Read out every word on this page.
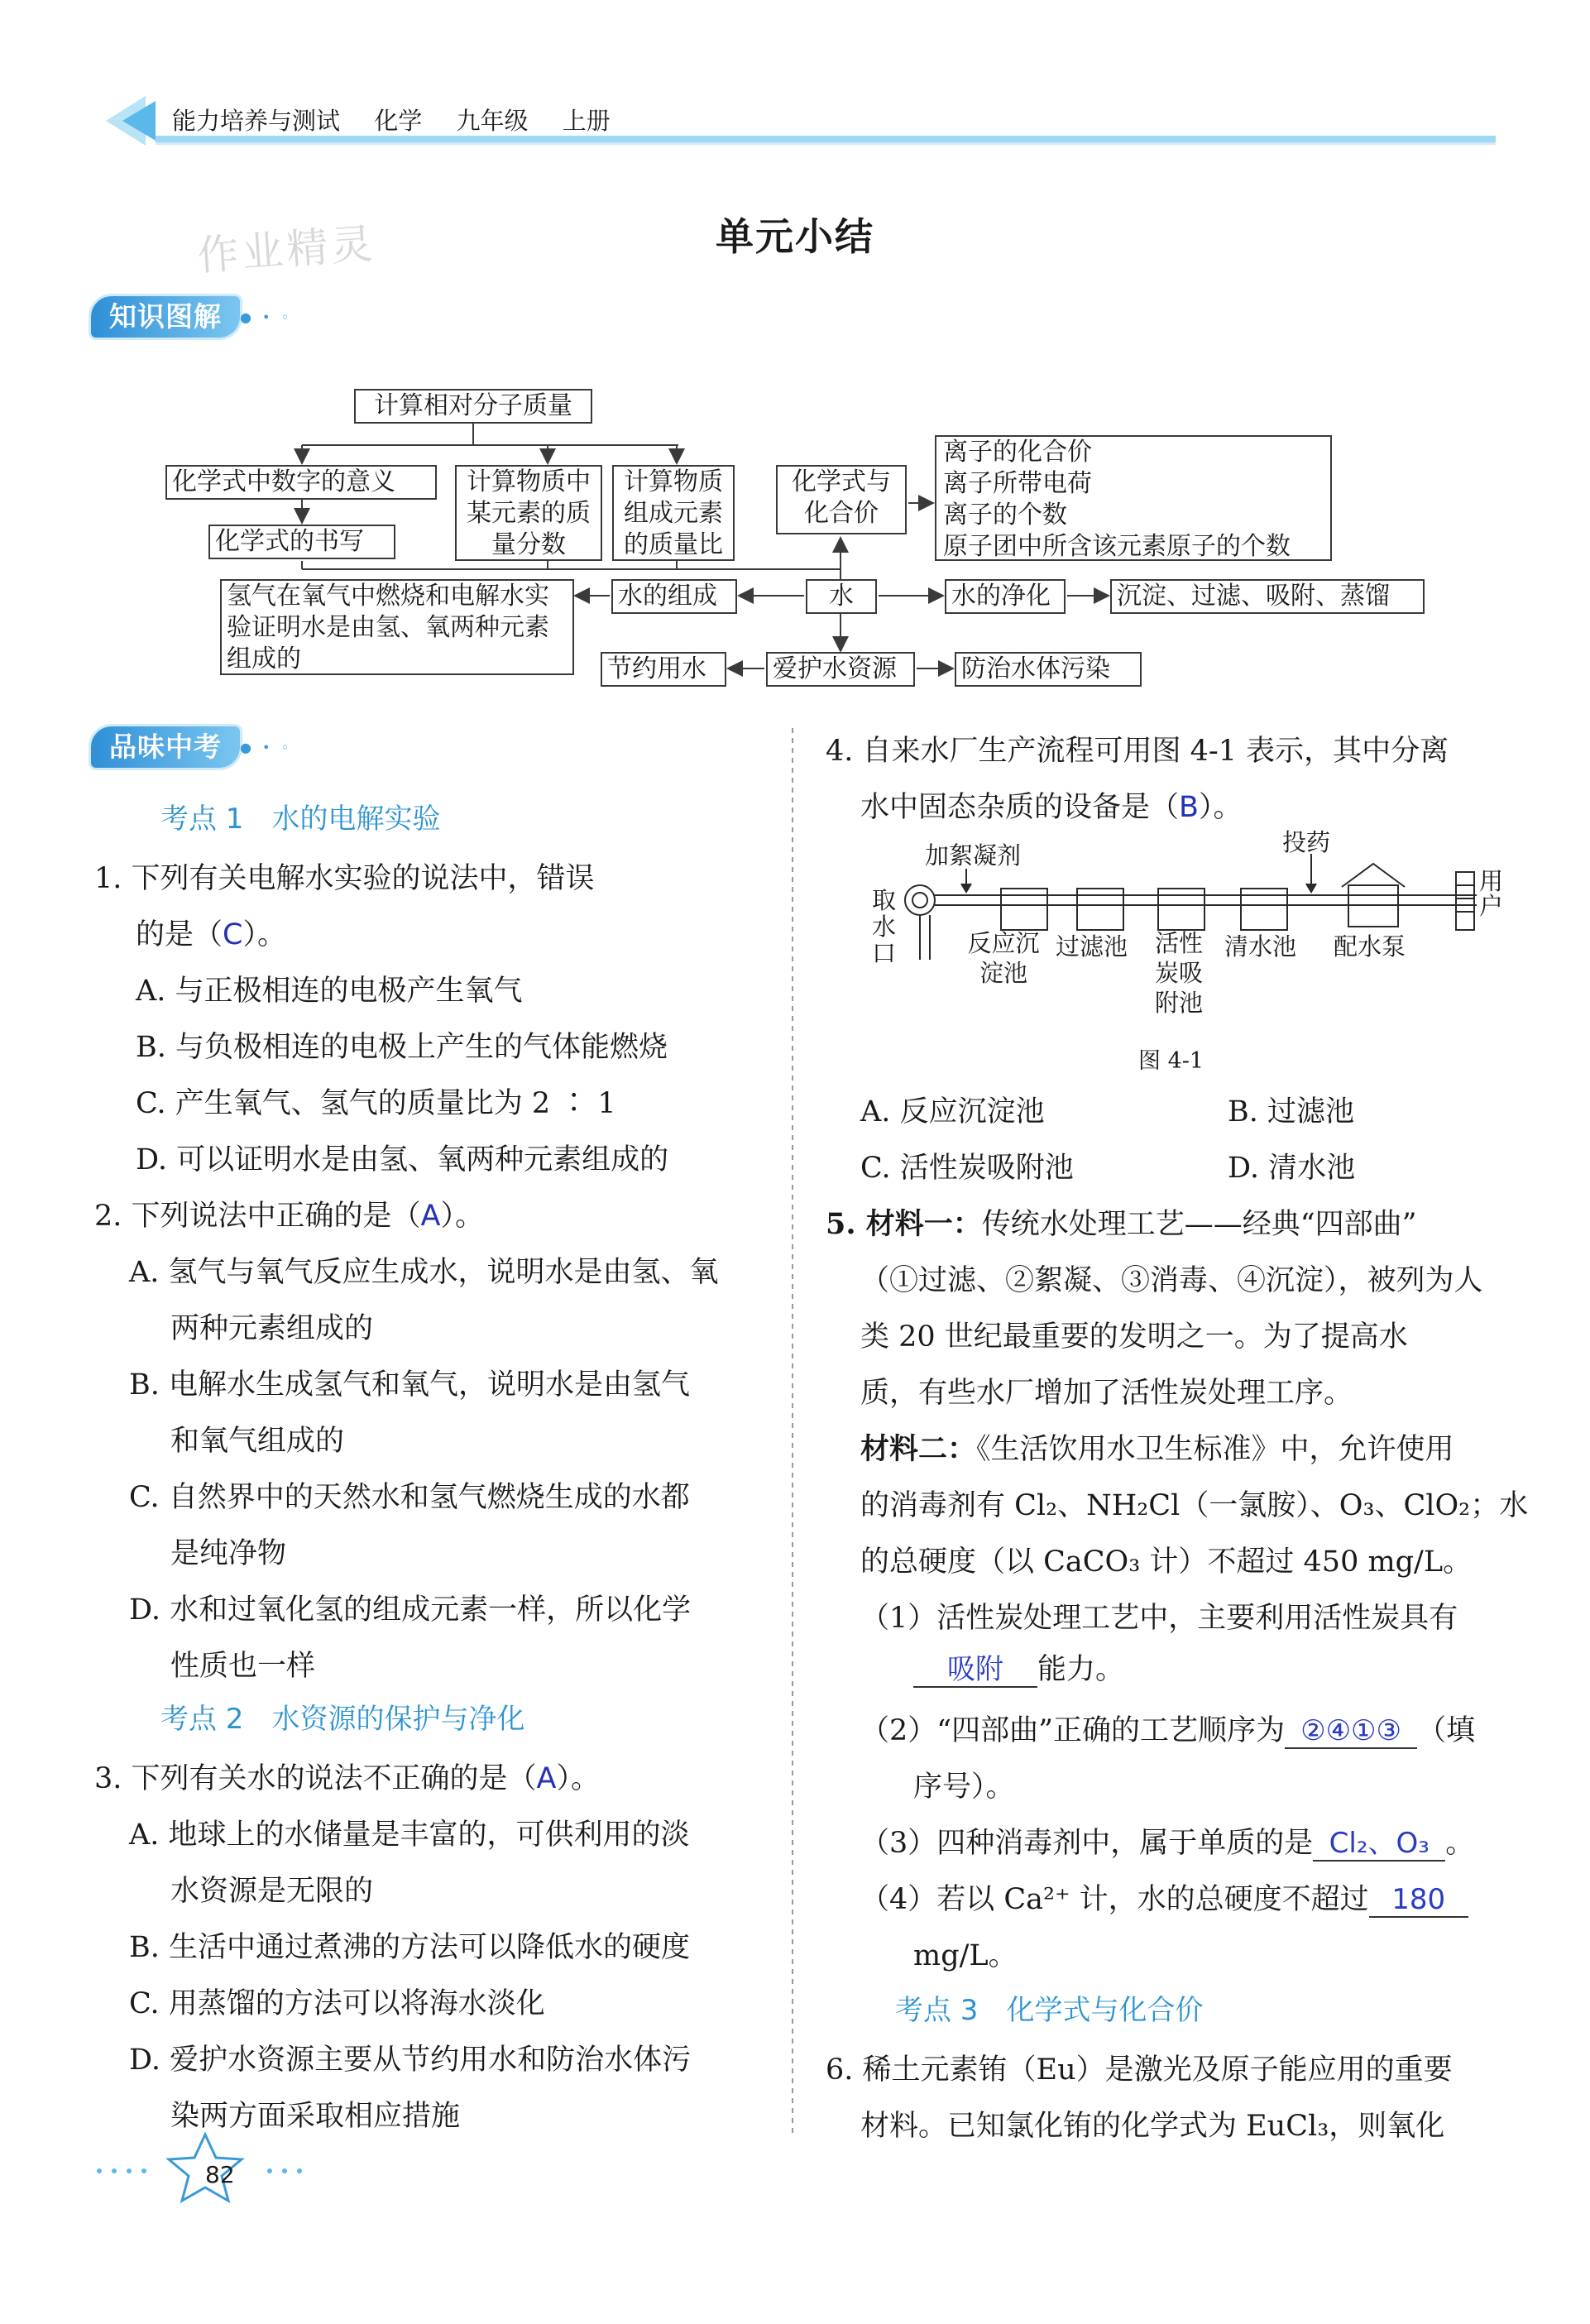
能力培养与测试 化学 九年级 上册
作业精灵	单元小结
知识图解	● • ◦
计算相对分子质量
化学式中数字的意义
化学式的书写
计算物质中某元素的质量分数
计算物质组成元素的质量比
化学式与化合价
离子的化合价
离子所带电荷
离子的个数
原子团中所含该元素原子的个数
氢气在氧气中燃烧和电解水实验证明水是由氢、氧两种元素组成的
水的组成	水	水的净化	沉淀、过滤、吸附、蒸馏
节约用水	爱护水资源	防治水体污染
品味中考	● • ◦
考点 1　水的电解实验
1. 下列有关电解水实验的说法中，错误
的是（C）。
A. 与正极相连的电极产生氧气
B. 与负极相连的电极上产生的气体能燃烧
C. 产生氧气、氢气的质量比为 2 ∶ 1
D. 可以证明水是由氢、氧两种元素组成的
2. 下列说法中正确的是（A）。
A. 氢气与氧气反应生成水，说明水是由氢、氧
两种元素组成的
B. 电解水生成氢气和氧气，说明水是由氢气
和氧气组成的
C. 自然界中的天然水和氢气燃烧生成的水都
是纯净物
D. 水和过氧化氢的组成元素一样，所以化学
性质也一样
考点 2　水资源的保护与净化
3. 下列有关水的说法不正确的是（A）。
A. 地球上的水储量是丰富的，可供利用的淡
水资源是无限的
B. 生活中通过煮沸的方法可以降低水的硬度
C. 用蒸馏的方法可以将海水淡化
D. 爱护水资源主要从节约用水和防治水体污
染两方面采取相应措施
4. 自来水厂生产流程可用图 4-1 表示，其中分离
水中固态杂质的设备是（B）。
加絮凝剂	投药
取水口
用户
反应沉淀池
过滤池 活性炭吸附池
清水池 配水泵
图 4-1
A. 反应沉淀池	B. 过滤池
C. 活性炭吸附池	D. 清水池
5. 材料一：传统水处理工艺——经典“四部曲”
（①过滤、②絮凝、③消毒、④沉淀），被列为人
类 20 世纪最重要的发明之一。为了提高水
质，有些水厂增加了活性炭处理工序。
材料二：《生活饮用水卫生标准》中，允许使用
的消毒剂有 Cl₂、NH₂Cl（一氯胺）、O₃、ClO₂；水
的总硬度（以 CaCO₃ 计）不超过 450 mg/L。
（1）活性炭处理工艺中，主要利用活性炭具有
吸附 能力。
（2）“四部曲”正确的工艺顺序为 ②④①③ （填
序号）。
（3）四种消毒剂中，属于单质的是 Cl₂、O₃ 。
（4）若以 Ca²⁺ 计，水的总硬度不超过 180
mg/L。
考点 3　化学式与化合价
6. 稀土元素铕（Eu）是激光及原子能应用的重要
材料。已知氯化铕的化学式为 EuCl₃，则氧化
82
